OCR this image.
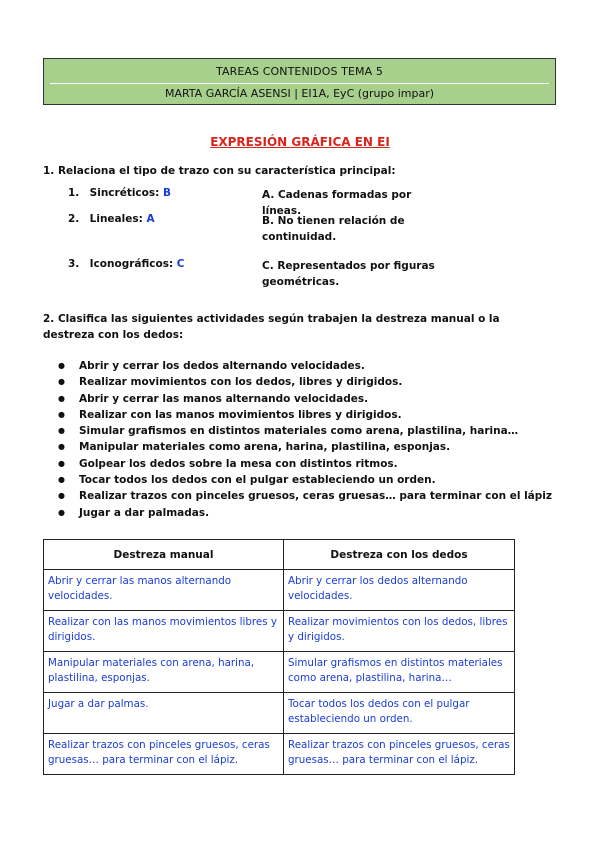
TAREAS CONTENIDOS TEMA 5
MARTA GARCÍA ASENSI | EI1A, EyC (grupo impar)
EXPRESIÓN GRÁFICA EN EI
1. Relaciona el tipo de trazo con su característica principal:
1. Sincréticos: B	A. Cadenas formadas por líneas.
2. Lineales: A	B. No tienen relación de continuidad.
3. Iconográficos: C	C. Representados por figuras geométricas.
2. Clasifica las siguientes actividades según trabajen la destreza manual o la destreza con los dedos:
● Abrir y cerrar los dedos alternando velocidades.
● Realizar movimientos con los dedos, libres y dirigidos.
● Abrir y cerrar las manos alternando velocidades.
● Realizar con las manos movimientos libres y dirigidos.
● Simular grafismos en distintos materiales como arena, plastilina, harina…
● Manipular materiales como arena, harina, plastilina, esponjas.
● Golpear los dedos sobre la mesa con distintos ritmos.
● Tocar todos los dedos con el pulgar estableciendo un orden.
● Realizar trazos con pinceles gruesos, ceras gruesas… para terminar con el lápiz
● Jugar a dar palmadas.
Destreza manual	Destreza con los dedos
Abrir y cerrar las manos alternando velocidades.	Abrir y cerrar los dedos alternando velocidades.
Realizar con las manos movimientos libres y dirigidos.	Realizar movimientos con los dedos, libres y dirigidos.
Manipular materiales con arena, harina, plastilina, esponjas.	Simular grafismos en distintos materiales como arena, plastilina, harina…
Jugar a dar palmas.	Tocar todos los dedos con el pulgar estableciendo un orden.
Realizar trazos con pinceles gruesos, ceras gruesas… para terminar con el lápiz.	Realizar trazos con pinceles gruesos, ceras gruesas… para terminar con el lápiz.
